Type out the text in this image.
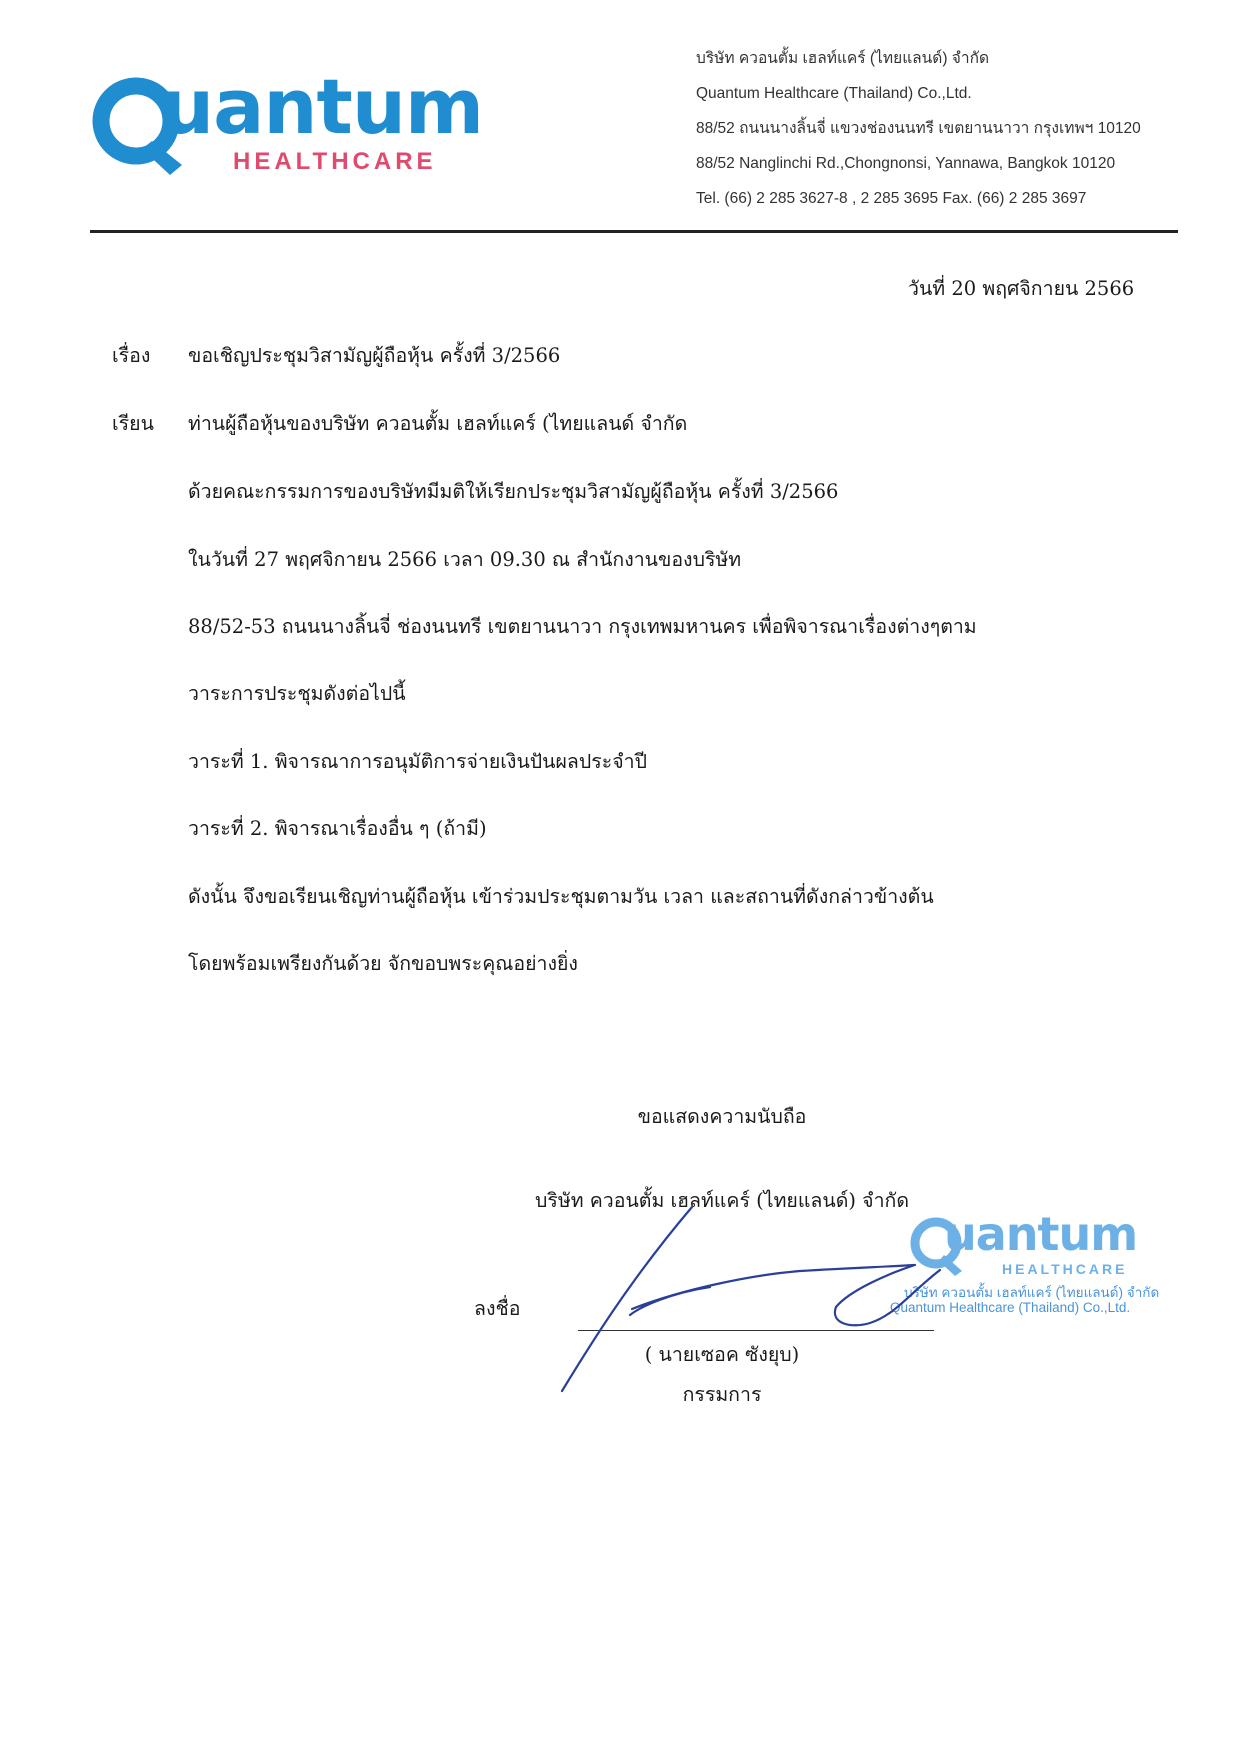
uantum
HEALTHCARE
บริษัท ควอนตั้ม เฮลท์แคร์ (ไทยแลนด์) จำกัด
Quantum Healthcare (Thailand) Co.,Ltd.
88/52 ถนนนางลิ้นจี่ แขวงช่องนนทรี เขตยานนาวา กรุงเทพฯ 10120
88/52 Nanglinchi Rd.,Chongnonsi, Yannawa, Bangkok 10120
Tel. (66) 2 285 3627-8 , 2 285 3695 Fax. (66) 2 285 3697
วันที่ 20 พฤศจิกายน 2566
เรื่อง ขอเชิญประชุมวิสามัญผู้ถือหุ้น ครั้งที่ 3/2566
เรียน ท่านผู้ถือหุ้นของบริษัท ควอนตั้ม เฮลท์แคร์ (ไทยแลนด์ จำกัด
ด้วยคณะกรรมการของบริษัทมีมติให้เรียกประชุมวิสามัญผู้ถือหุ้น ครั้งที่ 3/2566
ในวันที่ 27 พฤศจิกายน 2566 เวลา 09.30 ณ สำนักงานของบริษัท
88/52-53 ถนนนางลิ้นจี่ ช่องนนทรี เขตยานนาวา กรุงเทพมหานคร เพื่อพิจารณาเรื่องต่างๆตาม
วาระการประชุมดังต่อไปนี้
วาระที่ 1. พิจารณาการอนุมัติการจ่ายเงินปันผลประจำปี
วาระที่ 2. พิจารณาเรื่องอื่น ๆ (ถ้ามี)
ดังนั้น จึงขอเรียนเชิญท่านผู้ถือหุ้น เข้าร่วมประชุมตามวัน เวลา และสถานที่ดังกล่าวข้างต้น
โดยพร้อมเพรียงกันด้วย จักขอบพระคุณอย่างยิ่ง
ขอแสดงความนับถือ
บริษัท ควอนตั้ม เฮลท์แคร์ (ไทยแลนด์) จำกัด
uantum
HEALTHCARE
บริษัท ควอนตั้ม เฮลท์แคร์ (ไทยแลนด์) จำกัด
Quantum Healthcare (Thailand) Co.,Ltd.
ลงชื่อ
( นายเซอค ซังยุบ)
กรรมการ
